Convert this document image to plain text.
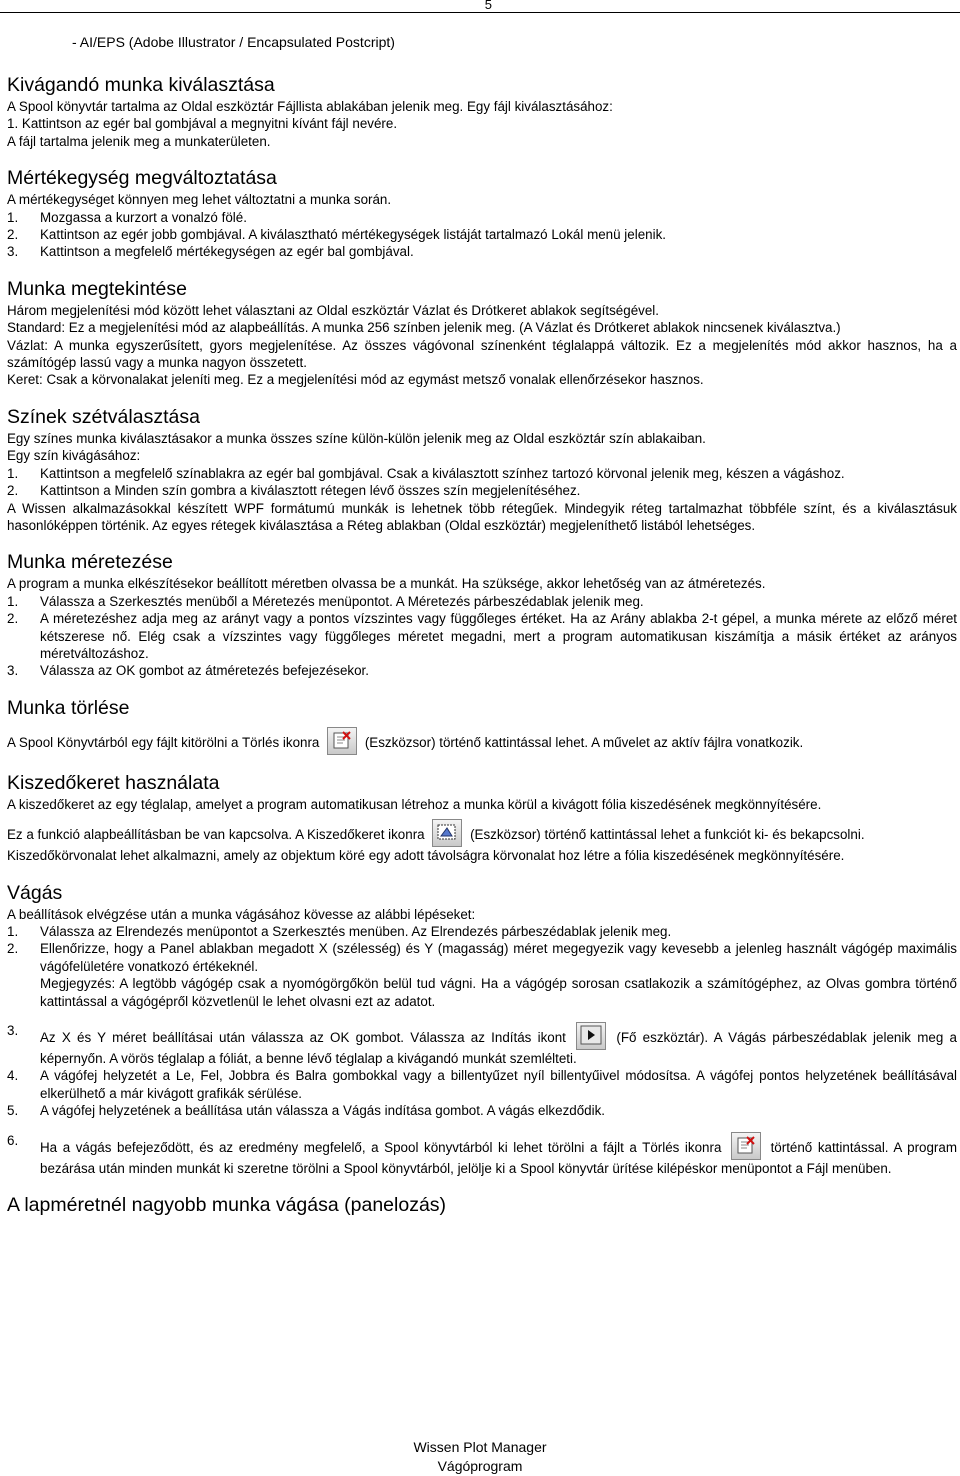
5
- AI/EPS (Adobe Illustrator / Encapsulated Postcript)
Kivágandó munka kiválasztása

A Spool könyvtár tartalma az Oldal eszköztár Fájllista ablakában jelenik meg. Egy fájl kiválasztásához:

1. Kattintson az egér bal gombjával a megnyitni kívánt fájl nevére.

A fájl tartalma jelenik meg a munkaterületen.

Mértékegység megváltoztatása

A mértékegységet könnyen meg lehet változtatni a munka során.

1.	Mozgassa a kurzort a vonalzó fölé.
2.	Kattintson az egér jobb gombjával. A kiválasztható mértékegységek listáját tartalmazó Lokál menü jelenik.
3.	Kattintson a megfelelő mértékegységen az egér bal gombjával.
Munka megtekintése

Három megjelenítési mód között lehet választani az Oldal eszköztár Vázlat és Drótkeret ablakok segítségével.

Standard: Ez a megjelenítési mód az alapbeállítás. A munka 256 színben jelenik meg. (A Vázlat és Drótkeret ablakok nincsenek kiválasztva.)

Vázlat: A munka egyszerűsített, gyors megjelenítése. Az összes vágóvonal színenként téglalappá változik. Ez a megjelenítés mód akkor hasznos, ha a számítógép lassú vagy a munka nagyon összetett.

Keret: Csak a körvonalakat jeleníti meg. Ez a megjelenítési mód az egymást metsző vonalak ellenőrzésekor hasznos.

Színek szétválasztása

Egy színes munka kiválasztásakor a munka összes színe külön-külön jelenik meg az Oldal eszköztár szín ablakaiban.

Egy szín kivágásához:

1.	Kattintson a megfelelő színablakra az egér bal gombjával. Csak a kiválasztott színhez tartozó körvonal jelenik meg, készen a vágáshoz.
2.	Kattintson a Minden szín gombra a kiválasztott rétegen lévő összes szín megjelenítéséhez.

A Wissen alkalmazásokkal készített WPF formátumú munkák is lehetnek több rétegűek. Mindegyik réteg tartalmazhat többféle színt, és a kiválasztásuk hasonlóképpen történik. Az egyes rétegek kiválasztása a Réteg ablakban (Oldal eszköztár) megjeleníthető listából lehetséges.

Munka méretezése

A program a munka elkészítésekor beállított méretben olvassa be a munkát. Ha szüksége, akkor lehetőség van az átméretezés.

1.	Válassza a Szerkesztés menüből a Méretezés menüpontot. A Méretezés párbeszédablak jelenik meg.
2.	A méretezéshez adja meg az arányt vagy a pontos vízszintes vagy függőleges értéket. Ha az Arány ablakba 2-t gépel, a munka mérete az előző méret kétszerese nő. Elég csak a vízszintes vagy függőleges méretet megadni, mert a program automatikusan kiszámítja a másik értéket az arányos méretváltozáshoz.
3.	Válassza az OK gombot az átméretezés befejezésekor.
Munka törlése

A Spool Könyvtárból egy fájlt kitörölni a Törlés ikonra	(Eszközsor) történő kattintással lehet. A művelet az aktív fájlra vonatkozik.

Kiszedőkeret használata

A kiszedőkeret az egy téglalap, amelyet a program automatikusan létrehoz a munka körül a kivágott fólia kiszedésének megkönnyítésére.

Ez a funkció alapbeállításban be van kapcsolva. A Kiszedőkeret ikonra	(Eszközsor) történő kattintással lehet a funkciót ki- és bekapcsolni.

Kiszedőkörvonalat lehet alkalmazni, amely az objektum köré egy adott távolságra körvonalat hoz létre a fólia kiszedésének megkönnyítésére.

Vágás

A beállítások elvégzése után a munka vágásához kövesse az alábbi lépéseket:

1.	Válassza az Elrendezés menüpontot a Szerkesztés menüben. Az Elrendezés párbeszédablak jelenik meg.
2.	Ellenőrizze, hogy a Panel ablakban megadott X (szélesség) és Y (magasság) méret megegyezik vagy kevesebb a jelenleg használt vágógép maximális vágófelületére vonatkozó értékeknél.
Megjegyzés: A legtöbb vágógép csak a nyomógörgőkön belül tud vágni. Ha a vágógép sorosan csatlakozik a számítógéphez, az Olvas gombra történő kattintással a vágógépről közvetlenül le lehet olvasni ezt az adatot.
3.	Az X és Y méret beállításai után válassza az OK gombot. Válassza az Indítás ikont	(Fő eszköztár). A Vágás párbeszédablak jelenik meg a képernyőn. A vörös téglalap a fóliát, a benne lévő téglalap a kivágandó munkát szemlélteti.
4.	A vágófej helyzetét a Le, Fel, Jobbra és Balra gombokkal vagy a billentyűzet nyíl billentyűivel módosítsa. A vágófej pontos helyzetének beállításával elkerülhető a már kivágott grafikák sérülése.
5.	A vágófej helyzetének a beállítása után válassza a Vágás indítása gombot. A vágás elkezdődik.
6.	Ha a vágás befejeződött, és az eredmény megfelelő, a Spool könyvtárból ki lehet törölni a fájlt a Törlés ikonra	történő kattintással. A program bezárása után minden munkát ki szeretne törölni a Spool könyvtárból, jelölje ki a Spool könyvtár ürítése kilépéskor menüpontot a Fájl menüben.
A lapméretnél nagyobb munka vágása (panelozás)
Wissen Plot Manager
Vágóprogram
